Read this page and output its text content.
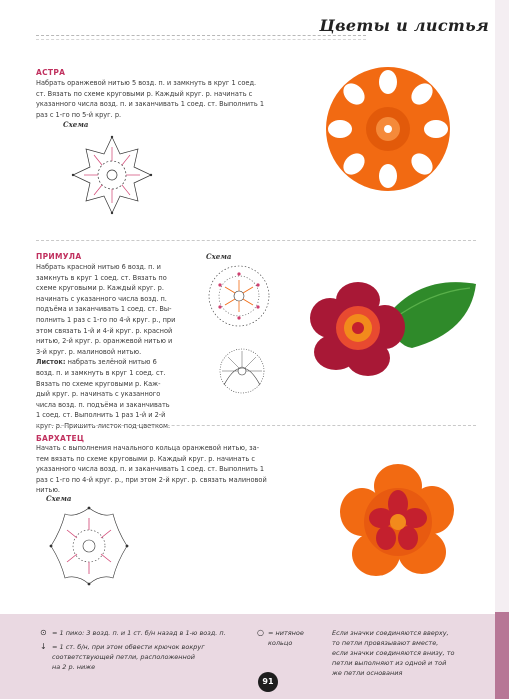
Цветы и листья
АСТРА
Набрать оранжевой нитью 5 возд. п. и замкнуть в круг 1 соед.
ст. Вязать по схеме круговыми р. Каждый круг. р. начинать с
указанного числа возд. п. и заканчивать 1 соед. ст. Выполнить 1
раз с 1-го по 5-й круг. р.
Схема
ПРИМУЛА
Набрать красной нитью 6 возд. п. и
замкнуть в круг 1 соед. ст. Вязать по
схеме круговыми р. Каждый круг. р.
начинать с указанного числа возд. п.
подъёма и заканчивать 1 соед. ст. Вы-
полнить 1 раз с 1-го по 4-й круг. р., при
этом связать 1-й и 4-й круг. р. красной
нитью, 2-й круг. р. оранжевой нитью и
3-й круг. р. малиновой нитью.
Листок: набрать зелёной нитью 6
возд. п. и замкнуть в круг 1 соед. ст.
Вязать по схеме круговыми р. Каж-
дый круг. р. начинать с указанного
числа возд. п. подъёма и заканчивать
1 соед. ст. Выполнить 1 раз 1-й и 2-й
круг. р. Пришить листок под цветком.
Схема
БАРХАТЕЦ
Начать с выполнения начального кольца оранжевой нитью, за-
тем вязать по схеме круговыми р. Каждый круг. р. начинать с
указанного числа возд. п. и заканчивать 1 соед. ст. Выполнить 1
раз с 1-го по 4-й круг. р., при этом 2-й круг. р. связать малиновой
нитью.
Схема
⊙ = 1 пико: 3 возд. п. и 1 ст. б/н назад в 1-ю возд. п.
↓ = 1 ст. б/н, при этом обвести крючок вокруг
соответствующей петли, расположенной
на 2 р. ниже
○ = нитяное
кольцо
Если значки соединяются вверху,
то петли провязывают вместе,
если значки соединяются внизу, то
петли выполняют из одной и той
же петли основания
91
